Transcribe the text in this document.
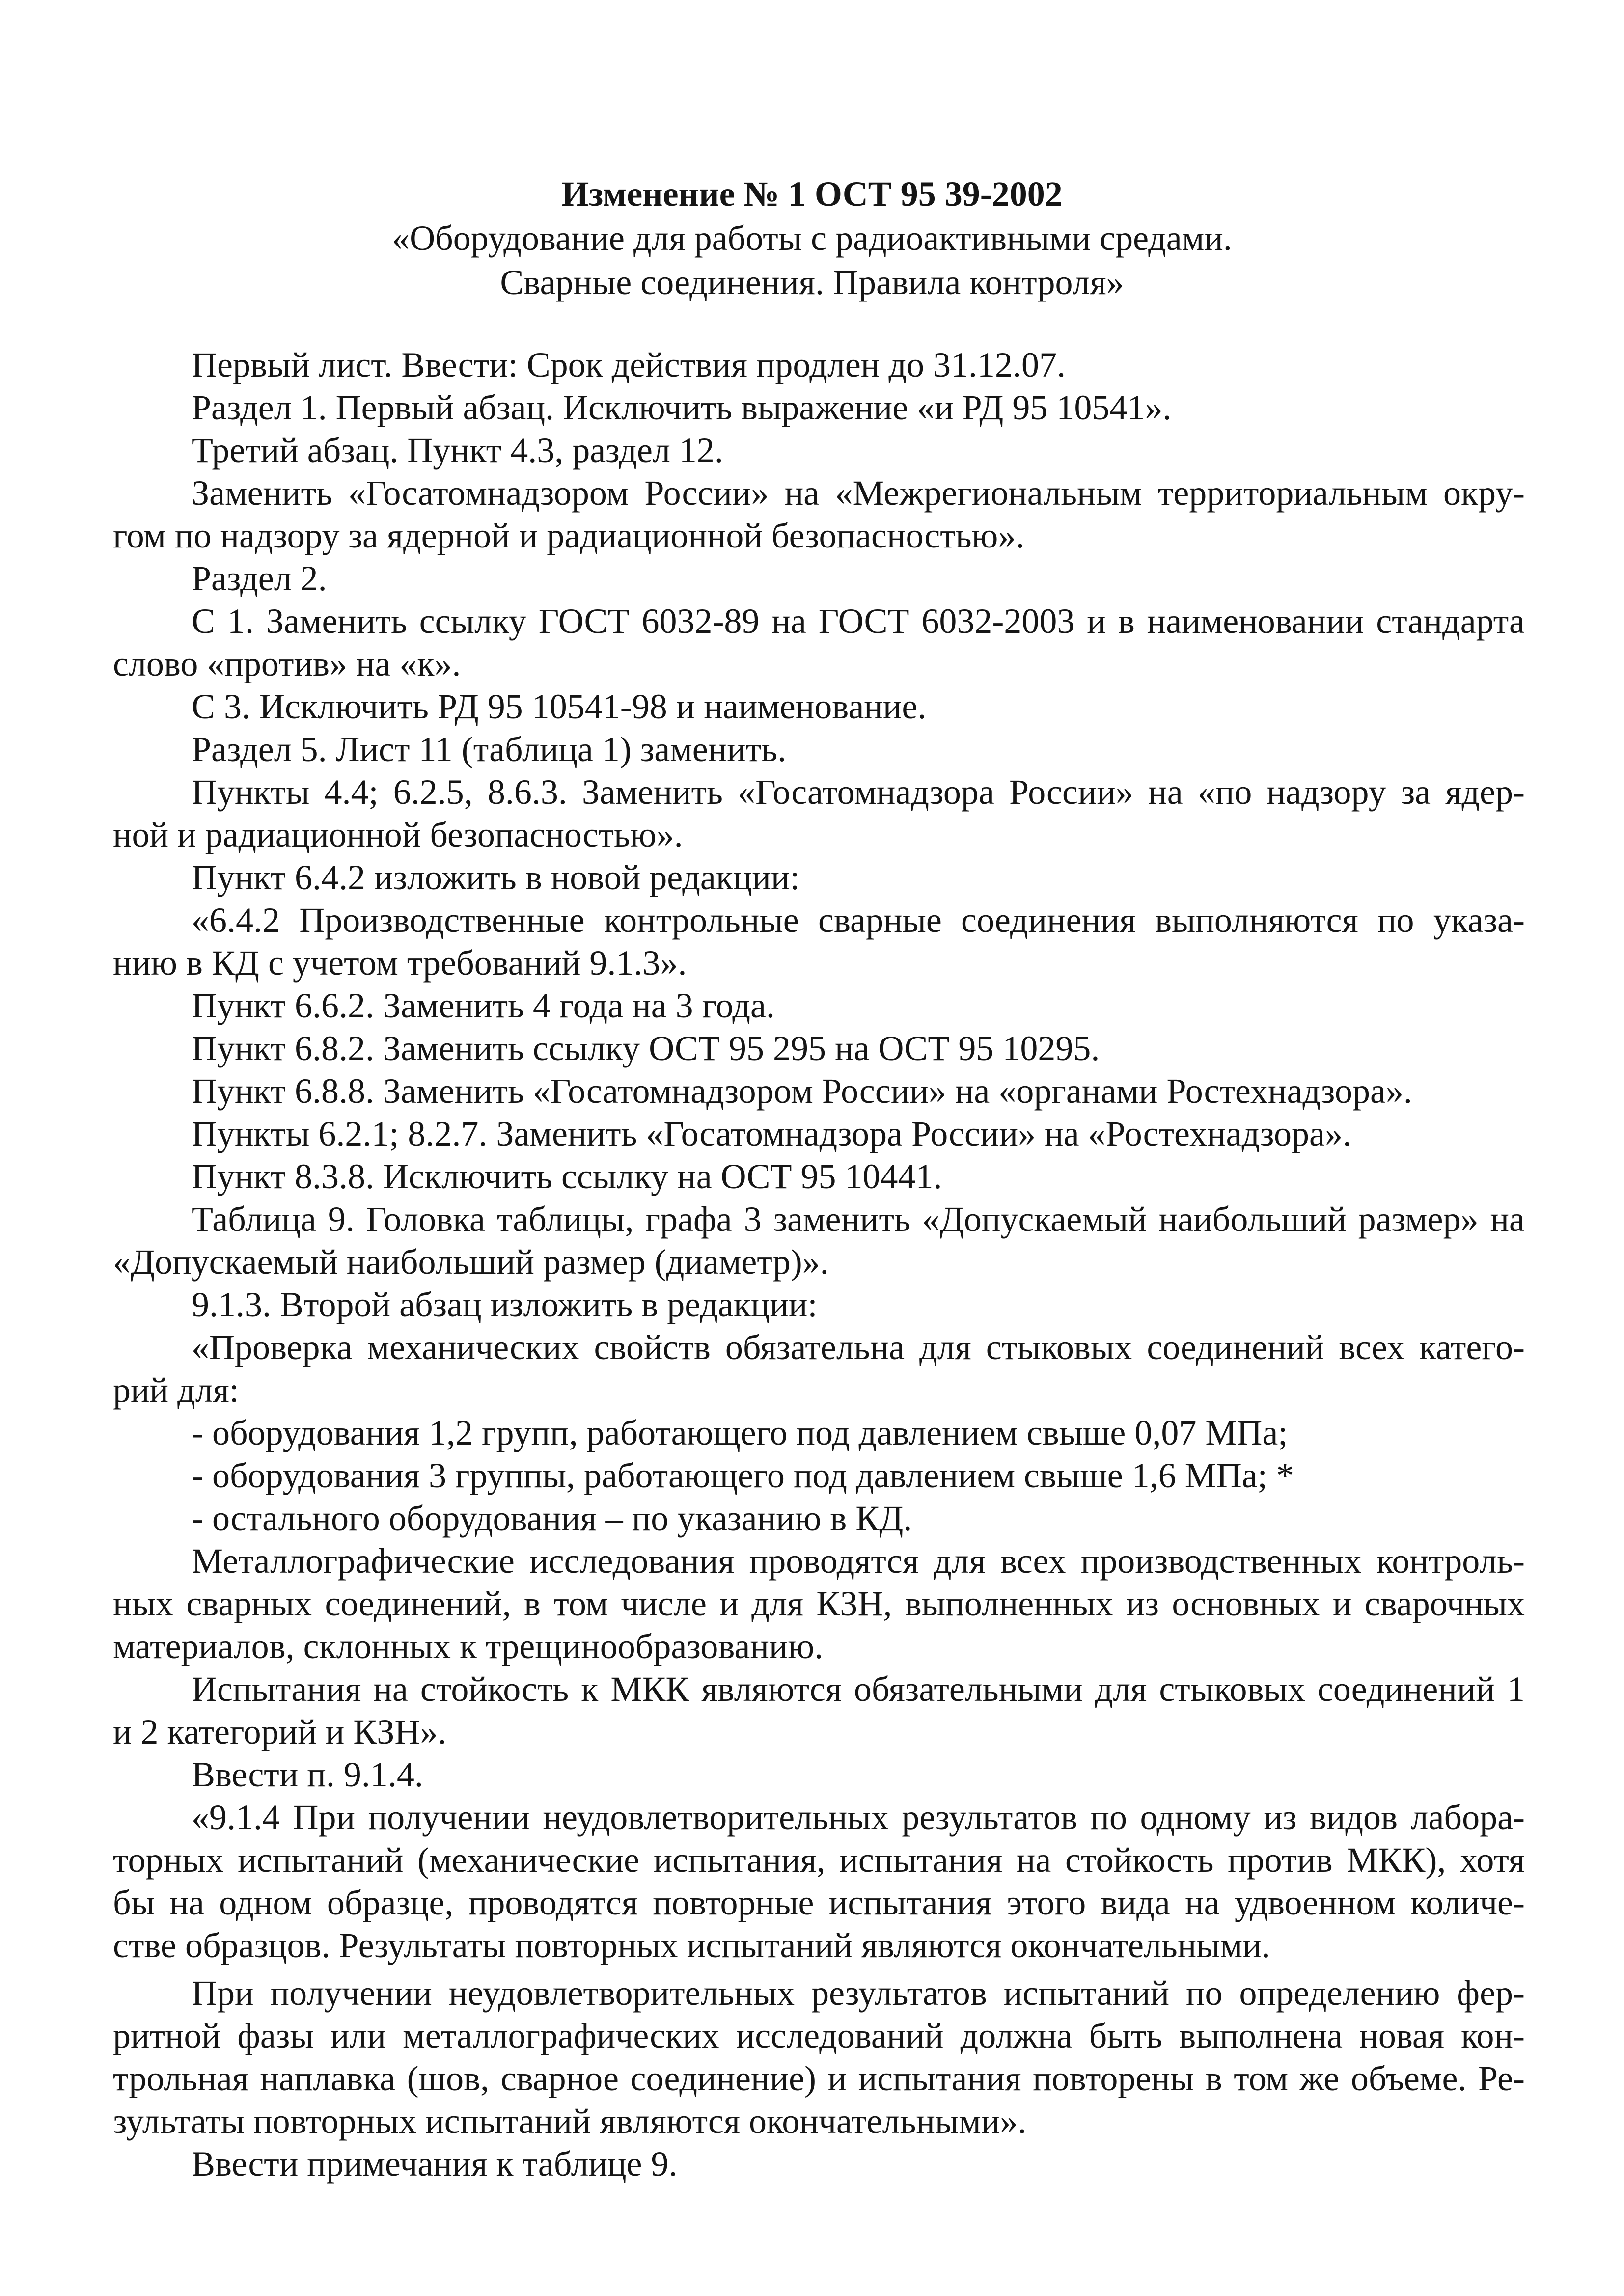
Изменение № 1 ОСТ 95 39-2002
«Оборудование для работы с радиоактивными средами.
Сварные соединения. Правила контроля»
Первый лист. Ввести: Срок действия продлен до 31.12.07.
Раздел 1. Первый абзац. Исключить выражение «и РД 95 10541».
Третий абзац. Пункт 4.3, раздел 12.
Заменить «Госатомнадзором России» на «Межрегиональным территориальным окру-
гом по надзору за ядерной и радиационной безопасностью».
Раздел 2.
С 1. Заменить ссылку ГОСТ 6032-89 на ГОСТ 6032-2003 и в наименовании стандарта
слово «против» на «к».
С 3. Исключить РД 95 10541-98 и наименование.
Раздел 5. Лист 11 (таблица 1) заменить.
Пункты 4.4; 6.2.5, 8.6.3. Заменить «Госатомнадзора России» на «по надзору за ядер-
ной и радиационной безопасностью».
Пункт 6.4.2 изложить в новой редакции:
«6.4.2 Производственные контрольные сварные соединения выполняются по указа-
нию в КД с учетом требований 9.1.3».
Пункт 6.6.2. Заменить 4 года на 3 года.
Пункт 6.8.2. Заменить ссылку ОСТ 95 295 на ОСТ 95 10295.
Пункт 6.8.8. Заменить «Госатомнадзором России» на «органами Ростехнадзора».
Пункты 6.2.1; 8.2.7. Заменить «Госатомнадзора России» на «Ростехнадзора».
Пункт 8.3.8. Исключить ссылку на ОСТ 95 10441.
Таблица 9. Головка таблицы, графа 3 заменить «Допускаемый наибольший размер» на
«Допускаемый наибольший размер (диаметр)».
9.1.3. Второй абзац изложить в редакции:
«Проверка механических свойств обязательна для стыковых соединений всех катего-
рий для:
- оборудования 1,2 групп, работающего под давлением свыше 0,07 МПа;
- оборудования 3 группы, работающего под давлением свыше 1,6 МПа; *
- остального оборудования – по указанию в КД.
Металлографические исследования проводятся для всех производственных контроль-
ных сварных соединений, в том числе и для КЗН, выполненных из основных и сварочных
материалов, склонных к трещинообразованию.
Испытания на стойкость к МКК являются обязательными для стыковых соединений 1
и 2 категорий и КЗН».
Ввести п. 9.1.4.
«9.1.4 При получении неудовлетворительных результатов по одному из видов лабора-
торных испытаний (механические испытания, испытания на стойкость против МКК), хотя
бы на одном образце, проводятся повторные испытания этого вида на удвоенном количе-
стве образцов. Результаты повторных испытаний являются окончательными.
При получении неудовлетворительных результатов испытаний по определению фер-
ритной фазы или металлографических исследований должна быть выполнена новая кон-
трольная наплавка (шов, сварное соединение) и испытания повторены в том же объеме. Ре-
зультаты повторных испытаний являются окончательными».
Ввести примечания к таблице 9.
